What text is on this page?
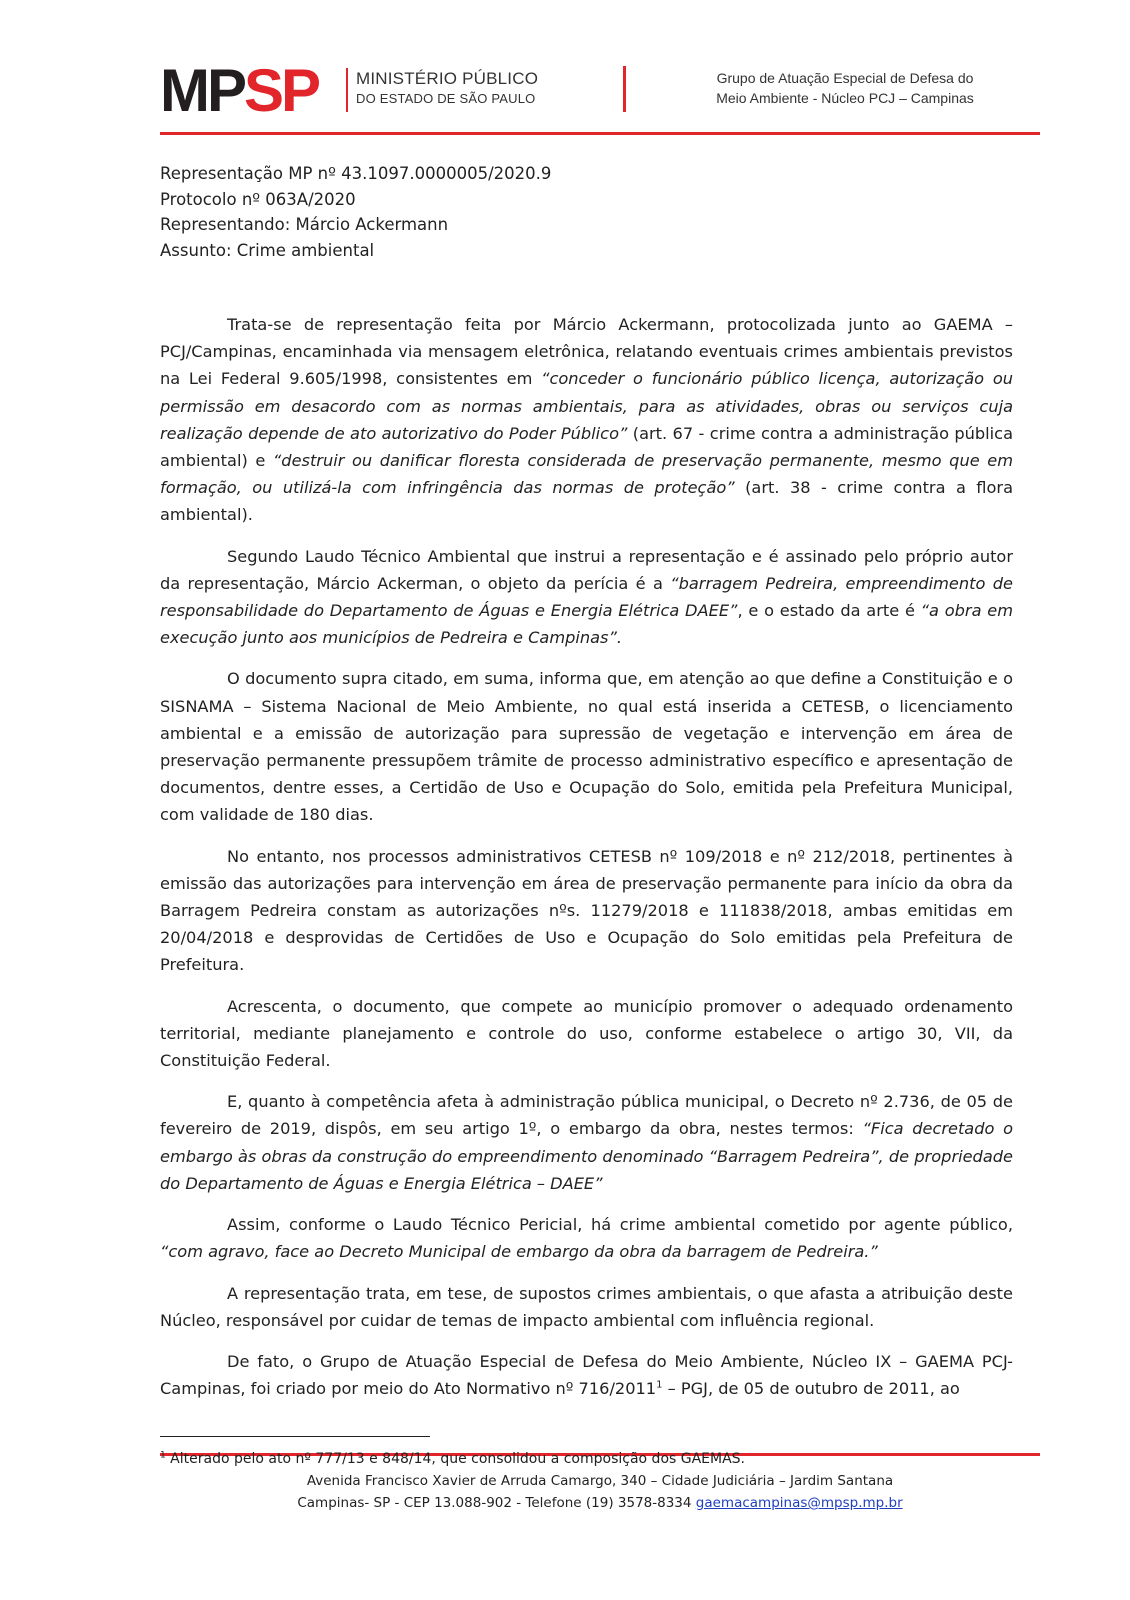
MP SP MINISTÉRIO PÚBLICO
DO ESTADO DE SÃO PAULO
Grupo de Atuação Especial de Defesa do
Meio Ambiente - Núcleo PCJ – Campinas
Representação MP nº 43.1097.0000005/2020.9
Protocolo nº 063A/2020
Representando: Márcio Ackermann
Assunto: Crime ambiental

Trata-se de representação feita por Márcio Ackermann, protocolizada junto ao GAEMA – PCJ/Campinas, encaminhada via mensagem eletrônica, relatando eventuais crimes ambientais previstos na Lei Federal 9.605/1998, consistentes em “conceder o funcionário público licença, autorização ou permissão em desacordo com as normas ambientais, para as atividades, obras ou serviços cuja realização depende de ato autorizativo do Poder Público” (art. 67 - crime contra a administração pública ambiental) e “destruir ou danificar floresta considerada de preservação permanente, mesmo que em formação, ou utilizá-la com infringência das normas de proteção” (art. 38 - crime contra a flora ambiental).

Segundo Laudo Técnico Ambiental que instrui a representação e é assinado pelo próprio autor da representação, Márcio Ackerman, o objeto da perícia é a “barragem Pedreira, empreendimento de responsabilidade do Departamento de Águas e Energia Elétrica DAEE”, e o estado da arte é “a obra em execução junto aos municípios de Pedreira e Campinas”.

O documento supra citado, em suma, informa que, em atenção ao que define a Constituição e o SISNAMA – Sistema Nacional de Meio Ambiente, no qual está inserida a CETESB, o licenciamento ambiental e a emissão de autorização para supressão de vegetação e intervenção em área de preservação permanente pressupõem trâmite de processo administrativo específico e apresentação de documentos, dentre esses, a Certidão de Uso e Ocupação do Solo, emitida pela Prefeitura Municipal, com validade de 180 dias.

No entanto, nos processos administrativos CETESB nº 109/2018 e nº 212/2018, pertinentes à emissão das autorizações para intervenção em área de preservação permanente para início da obra da Barragem Pedreira constam as autorizações nºs. 11279/2018 e 111838/2018, ambas emitidas em 20/04/2018 e desprovidas de Certidões de Uso e Ocupação do Solo emitidas pela Prefeitura de Prefeitura.

Acrescenta, o documento, que compete ao município promover o adequado ordenamento territorial, mediante planejamento e controle do uso, conforme estabelece o artigo 30, VII, da Constituição Federal.

E, quanto à competência afeta à administração pública municipal, o Decreto nº 2.736, de 05 de fevereiro de 2019, dispôs, em seu artigo 1º, o embargo da obra, nestes termos: “Fica decretado o embargo às obras da construção do empreendimento denominado “Barragem Pedreira”, de propriedade do Departamento de Águas e Energia Elétrica – DAEE”

Assim, conforme o Laudo Técnico Pericial, há crime ambiental cometido por agente público, “com agravo, face ao Decreto Municipal de embargo da obra da barragem de Pedreira.”

A representação trata, em tese, de supostos crimes ambientais, o que afasta a atribuição deste Núcleo, responsável por cuidar de temas de impacto ambiental com influência regional.

De fato, o Grupo de Atuação Especial de Defesa do Meio Ambiente, Núcleo IX – GAEMA PCJ-Campinas, foi criado por meio do Ato Normativo nº 716/2011$^1$ – PGJ, de 05 de outubro de 2011, ao

$^1$ Alterado pelo ato nº 777/13 e 848/14, que consolidou a composição dos GAEMAS.
Avenida Francisco Xavier de Arruda Camargo, 340 – Cidade Judiciária – Jardim Santana
Campinas- SP - CEP 13.088-902 - Telefone (19) 3578-8334 gaemacampinas@mpsp.mp.br
